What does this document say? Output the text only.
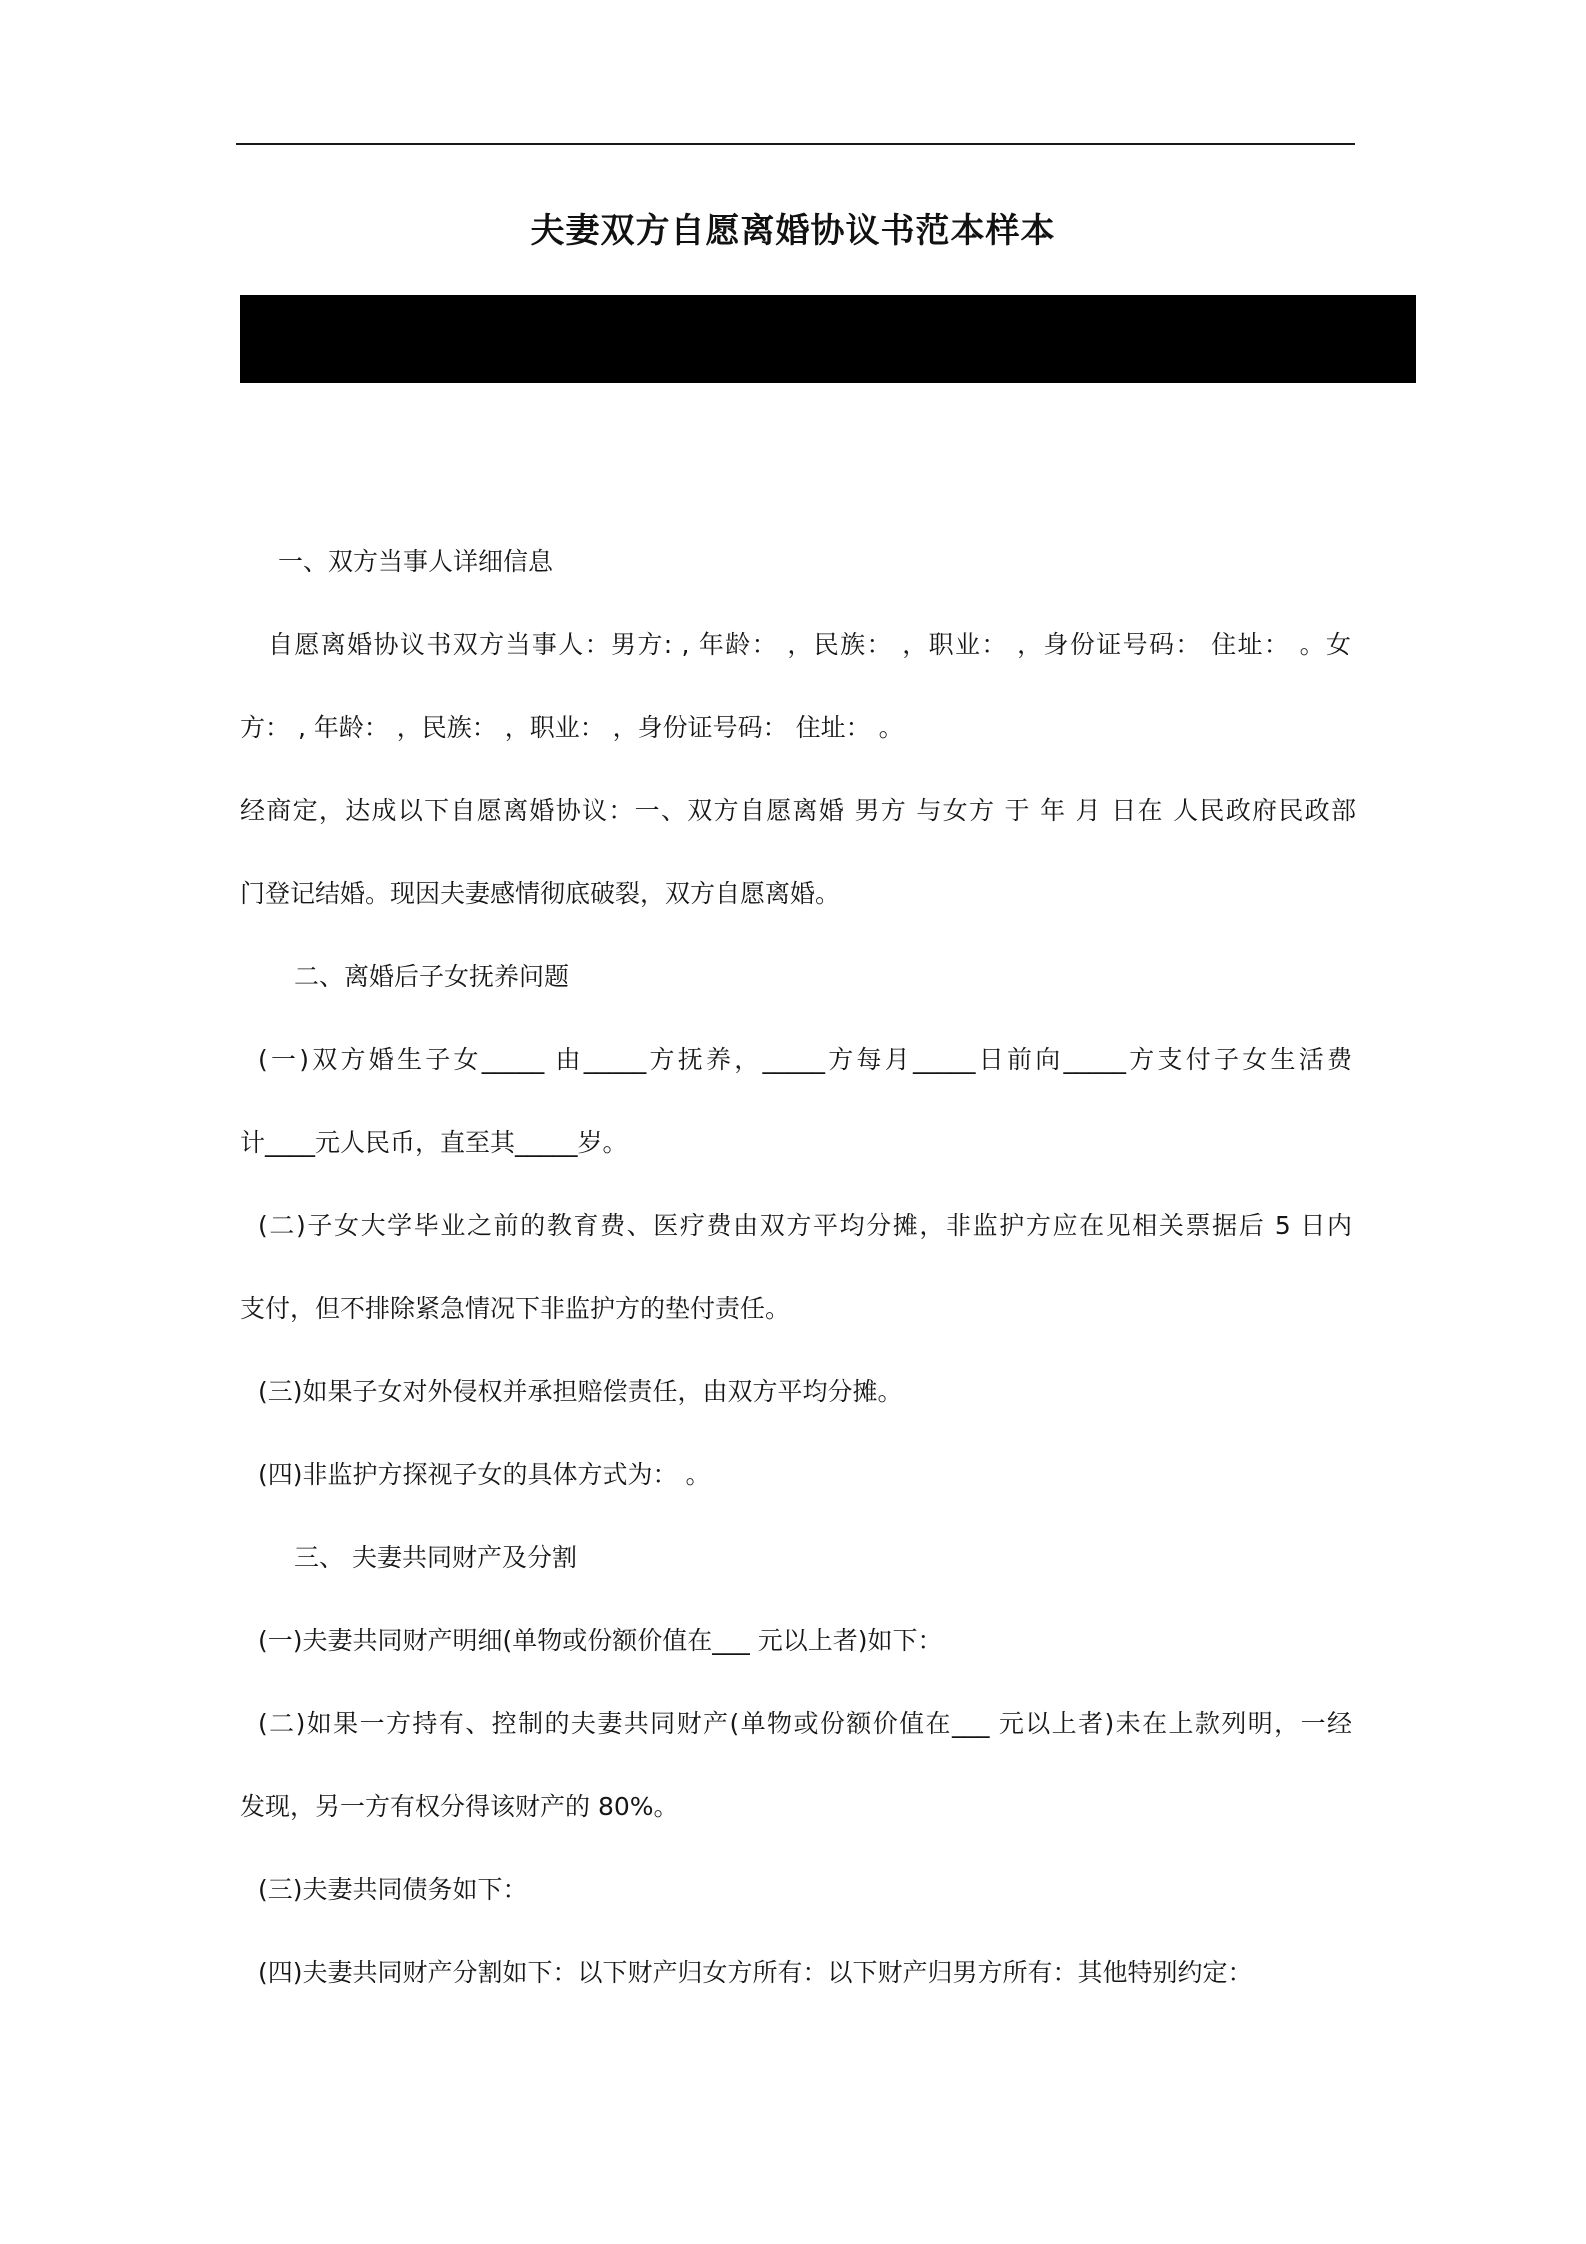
夫妻双方自愿离婚协议书范本样本
一、双方当事人详细信息
自愿离婚协议书双方当事人：男方: , 年龄： ，民族： ，职业： ，身份证号码： 住址： 。女
方： , 年龄： ，民族： ，职业： ，身份证号码： 住址： 。
经商定，达成以下自愿离婚协议：一、双方自愿离婚 男方 与女方 于 年 月 日在 人民政府民政部
门登记结婚。现因夫妻感情彻底破裂，双方自愿离婚。
二、离婚后子女抚养问题
(一)双方婚生子女_____ 由_____方抚养，_____方每月_____日前向_____方支付子女生活费
计____元人民币，直至其_____岁。
(二)子女大学毕业之前的教育费、医疗费由双方平均分摊，非监护方应在见相关票据后 5 日内
支付，但不排除紧急情况下非监护方的垫付责任。
(三)如果子女对外侵权并承担赔偿责任，由双方平均分摊。
(四)非监护方探视子女的具体方式为： 。
三、 夫妻共同财产及分割
(一)夫妻共同财产明细(单物或份额价值在___ 元以上者)如下：
(二)如果一方持有、控制的夫妻共同财产(单物或份额价值在___ 元以上者)未在上款列明，一经
发现，另一方有权分得该财产的 80%。
(三)夫妻共同债务如下：
(四)夫妻共同财产分割如下：以下财产归女方所有：以下财产归男方所有：其他特别约定：
